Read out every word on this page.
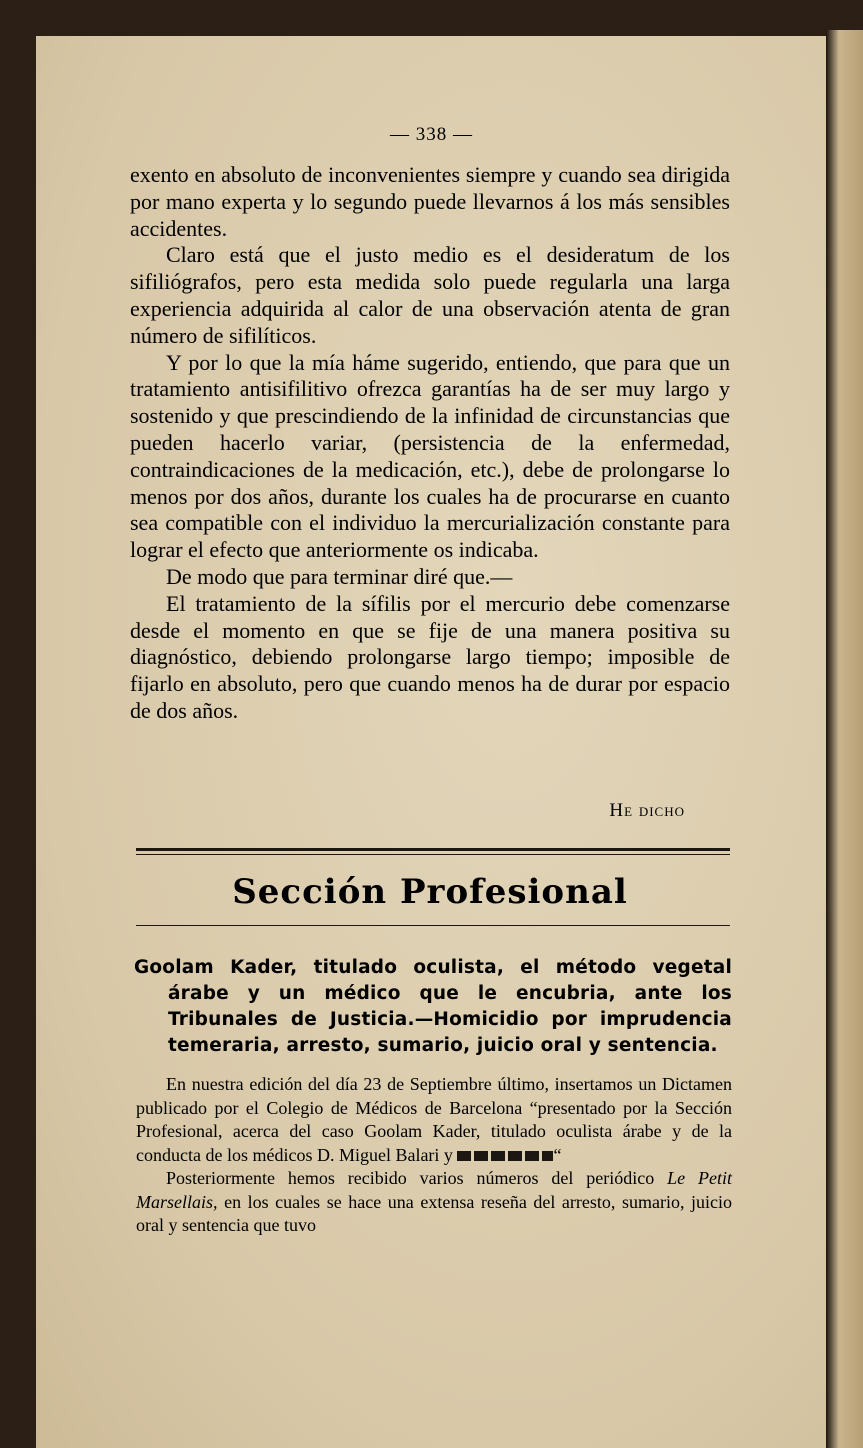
— 338 —

exento en absoluto de inconvenientes siempre y cuando sea dirigida por mano experta y lo segundo puede llevarnos á los más sensibles accidentes.

Claro está que el justo medio es el desideratum de los sifiliógrafos, pero esta medida solo puede regularla una larga experiencia adquirida al calor de una observación atenta de gran número de sifilíticos.

Y por lo que la mía háme sugerido, entiendo, que para que un tratamiento antisifilitivo ofrezca garantías ha de ser muy largo y sostenido y que prescindiendo de la infinidad de circunstancias que pueden hacerlo variar, (persistencia de la enfermedad, contraindicaciones de la medicación, etc.), debe de prolongarse lo menos por dos años, durante los cuales ha de procurarse en cuanto sea compatible con el individuo la mercurialización constante para lograr el efecto que anteriormente os indicaba.

De modo que para terminar diré que.—

El tratamiento de la sífilis por el mercurio debe comenzarse desde el momento en que se fije de una manera positiva su diagnóstico, debiendo prolongarse largo tiempo; imposible de fijarlo en absoluto, pero que cuando menos ha de durar por espacio de dos años.

He dicho
Sección Profesional
Goolam Kader, titulado oculista, el método vegetal árabe y un médico que le encubria, ante los Tribunales de Justicia.—Homicidio por imprudencia temeraria, arresto, sumario, juicio oral y sentencia.

En nuestra edición del día 23 de Septiembre último, insertamos un Dictamen publicado por el Colegio de Médicos de Barcelona “presentado por la Sección Profesional, acerca del caso Goolam Kader, titulado oculista árabe y de la conducta de los médicos D. Miguel Balari y	“

Posteriormente hemos recibido varios números del periódico Le Petit Marsellais, en los cuales se hace una extensa reseña del arresto, sumario, juicio oral y sentencia que tuvo
